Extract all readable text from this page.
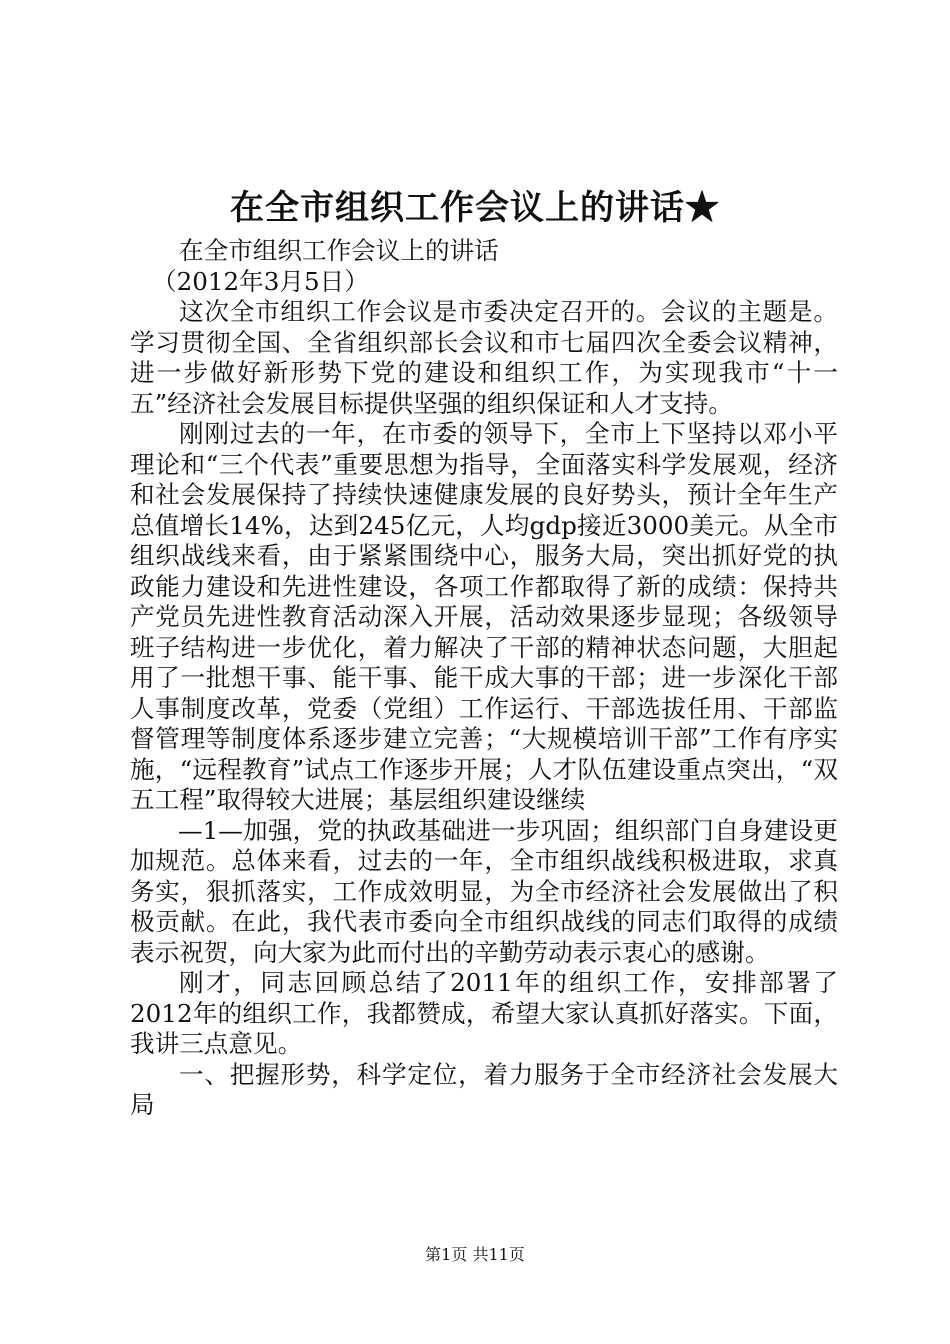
在全市组织工作会议上的讲话★

在全市组织工作会议上的讲话

（2012年3月5日）

这次全市组织工作会议是市委决定召开的。会议的主题是。学习贯彻全国、全省组织部长会议和市七届四次全委会议精神，进一步做好新形势下党的建设和组织工作，为实现我市“十一五”经济社会发展目标提供坚强的组织保证和人才支持。

刚刚过去的一年，在市委的领导下，全市上下坚持以邓小平理论和“三个代表”重要思想为指导，全面落实科学发展观，经济和社会发展保持了持续快速健康发展的良好势头，预计全年生产总值增长14%，达到245亿元，人均gdp接近3000美元。从全市组织战线来看，由于紧紧围绕中心，服务大局，突出抓好党的执政能力建设和先进性建设，各项工作都取得了新的成绩：保持共产党员先进性教育活动深入开展，活动效果逐步显现；各级领导班子结构进一步优化，着力解决了干部的精神状态问题，大胆起用了一批想干事、能干事、能干成大事的干部；进一步深化干部人事制度改革，党委（党组）工作运行、干部选拔任用、干部监督管理等制度体系逐步建立完善；“大规模培训干部”工作有序实施，“远程教育”试点工作逐步开展；人才队伍建设重点突出，“双五工程”取得较大进展；基层组织建设继续

—1—加强，党的执政基础进一步巩固；组织部门自身建设更加规范。总体来看，过去的一年，全市组织战线积极进取，求真务实，狠抓落实，工作成效明显，为全市经济社会发展做出了积极贡献。在此，我代表市委向全市组织战线的同志们取得的成绩表示祝贺，向大家为此而付出的辛勤劳动表示衷心的感谢。

刚才，同志回顾总结了2011年的组织工作，安排部署了2012年的组织工作，我都赞成，希望大家认真抓好落实。下面，我讲三点意见。

一、把握形势，科学定位，着力服务于全市经济社会发展大局

第1页 共11页
